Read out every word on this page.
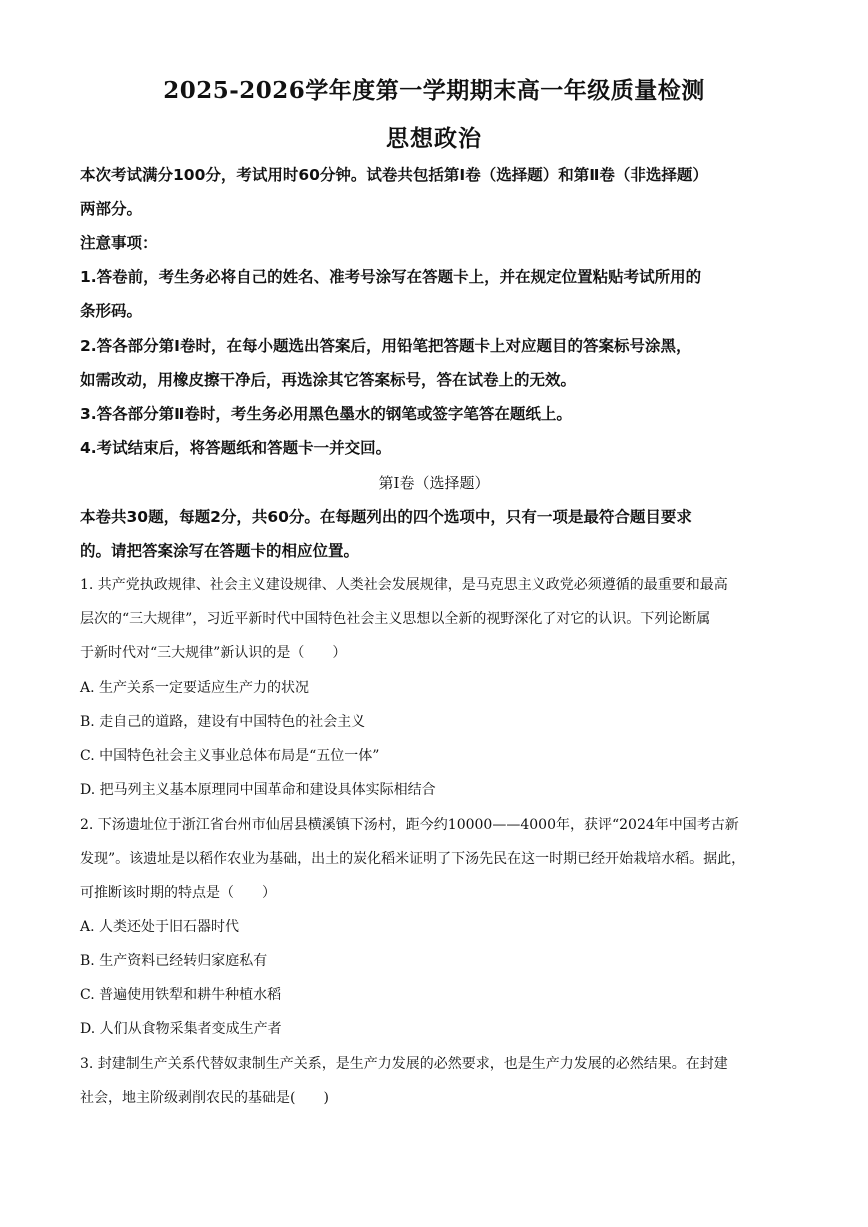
2025-2026学年度第一学期期末高一年级质量检测
思想政治
本次考试满分100分，考试用时60分钟。试卷共包括第Ⅰ卷（选择题）和第Ⅱ卷（非选择题）
两部分。
注意事项：
1.答卷前，考生务必将自己的姓名、准考号涂写在答题卡上，并在规定位置粘贴考试所用的
条形码。
2.答各部分第Ⅰ卷时，在每小题选出答案后，用铅笔把答题卡上对应题目的答案标号涂黑，
如需改动，用橡皮擦干净后，再选涂其它答案标号，答在试卷上的无效。
3.答各部分第Ⅱ卷时，考生务必用黑色墨水的钢笔或签字笔答在题纸上。
4.考试结束后，将答题纸和答题卡一并交回。
第Ⅰ卷（选择题）
本卷共30题，每题2分，共60分。在每题列出的四个选项中，只有一项是最符合题目要求
的。请把答案涂写在答题卡的相应位置。
1. 共产党执政规律、社会主义建设规律、人类社会发展规律，是马克思主义政党必须遵循的最重要和最高
层次的“三大规律”，习近平新时代中国特色社会主义思想以全新的视野深化了对它的认识。下列论断属
于新时代对“三大规律”新认识的是（　　）
A. 生产关系一定要适应生产力的状况
B. 走自己的道路，建设有中国特色的社会主义
C. 中国特色社会主义事业总体布局是“五位一体”
D. 把马列主义基本原理同中国革命和建设具体实际相结合
2. 下汤遗址位于浙江省台州市仙居县横溪镇下汤村，距今约10000——4000年，获评“2024年中国考古新
发现”。该遗址是以稻作农业为基础，出土的炭化稻米证明了下汤先民在这一时期已经开始栽培水稻。据此，
可推断该时期的特点是（　　）
A. 人类还处于旧石器时代
B. 生产资料已经转归家庭私有
C. 普遍使用铁犁和耕牛种植水稻
D. 人们从食物采集者变成生产者
3. 封建制生产关系代替奴隶制生产关系，是生产力发展的必然要求，也是生产力发展的必然结果。在封建
社会，地主阶级剥削农民的基础是(　　)
